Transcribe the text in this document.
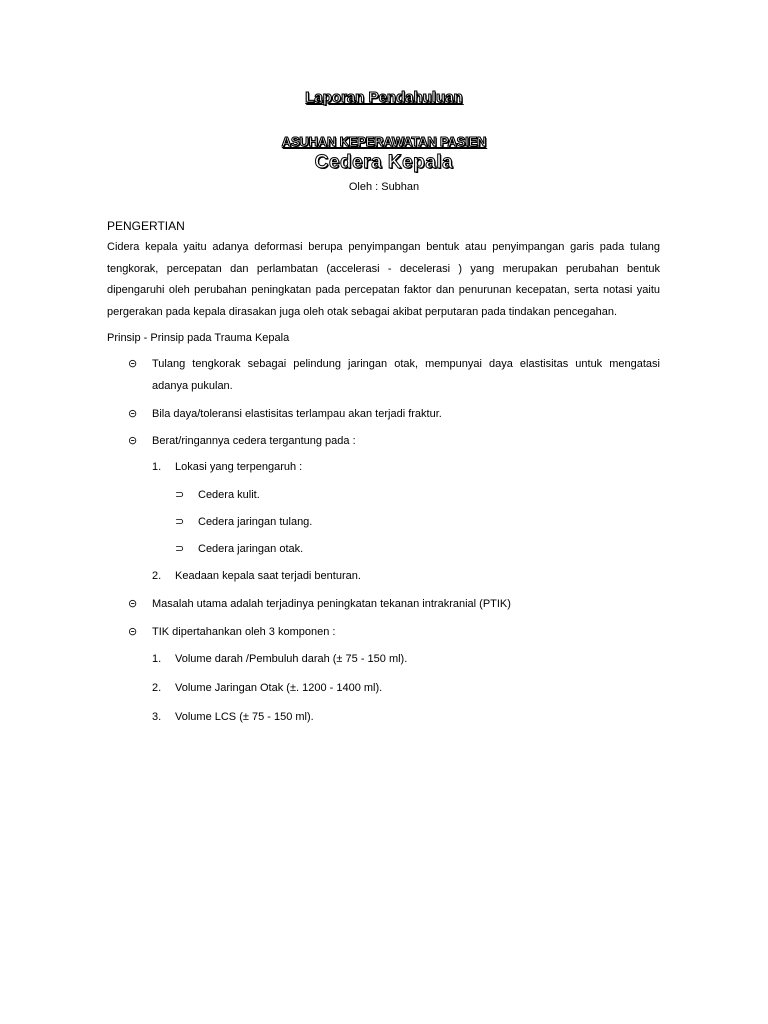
Laporan Pendahuluan
ASUHAN KEPERAWATAN PASIEN
Cedera Kepala
Oleh : Subhan
PENGERTIAN
Cidera kepala yaitu adanya deformasi berupa penyimpangan bentuk atau penyimpangan garis pada tulang
tengkorak, percepatan dan perlambatan (accelerasi - decelerasi ) yang merupakan perubahan bentuk
dipengaruhi oleh perubahan peningkatan pada percepatan faktor dan penurunan kecepatan, serta notasi yaitu
pergerakan pada kepala dirasakan juga oleh otak sebagai akibat perputaran pada tindakan pencegahan.
Prinsip - Prinsip pada Trauma Kepala
⊝ Tulang tengkorak sebagai pelindung jaringan otak, mempunyai daya elastisitas untuk mengatasi
adanya pukulan.
⊝ Bila daya/toleransi elastisitas terlampau akan terjadi fraktur.
⊝ Berat/ringannya cedera tergantung pada :
1. Lokasi yang terpengaruh :
⊃ Cedera kulit.
⊃ Cedera jaringan tulang.
⊃ Cedera jaringan otak.
2. Keadaan kepala saat terjadi benturan.
⊝ Masalah utama adalah terjadinya peningkatan tekanan intrakranial (PTIK)
⊝ TIK dipertahankan oleh 3 komponen :
1. Volume darah /Pembuluh darah (± 75 - 150 ml).
2. Volume Jaringan Otak (±. 1200 - 1400 ml).
3. Volume LCS (± 75 - 150 ml).
